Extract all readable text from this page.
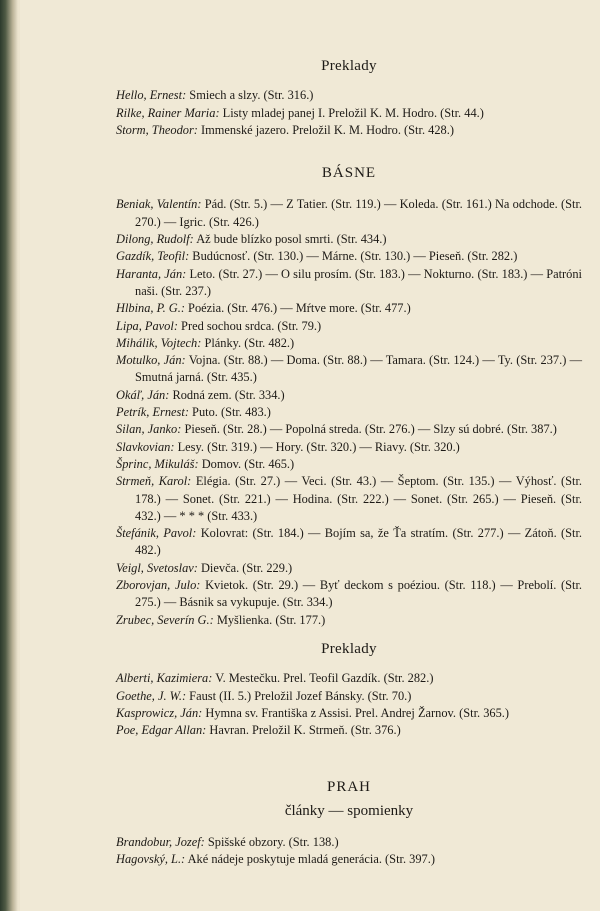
Preklady
Hello, Ernest: Smiech a slzy. (Str. 316.)
Rilke, Rainer Maria: Listy mladej panej I. Preložil K. M. Hodro. (Str. 44.)
Storm, Theodor: Immenské jazero. Preložil K. M. Hodro. (Str. 428.)
BÁSNE
Beniak, Valentín: Pád. (Str. 5.) — Z Tatier. (Str. 119.) — Koleda. (Str. 161.) Na odchode. (Str. 270.) — Igric. (Str. 426.)
Dilong, Rudolf: Až bude blízko posol smrti. (Str. 434.)
Gazdík, Teofil: Budúcnosť. (Str. 130.) — Márne. (Str. 130.) — Pieseň. (Str. 282.)
Haranta, Ján: Leto. (Str. 27.) — O silu prosím. (Str. 183.) — Nokturno. (Str. 183.) — Patróni naši. (Str. 237.)
Hlbina, P. G.: Poézia. (Str. 476.) — Mŕtve more. (Str. 477.)
Lipa, Pavol: Pred sochou srdca. (Str. 79.)
Mihálik, Vojtech: Plánky. (Str. 482.)
Motulko, Ján: Vojna. (Str. 88.) — Doma. (Str. 88.) — Tamara. (Str. 124.) — Ty. (Str. 237.) — Smutná jarná. (Str. 435.)
Okáľ, Ján: Rodná zem. (Str. 334.)
Petrík, Ernest: Puto. (Str. 483.)
Silan, Janko: Pieseň. (Str. 28.) — Popolná streda. (Str. 276.) — Slzy sú dobré. (Str. 387.)
Slavkovian: Lesy. (Str. 319.) — Hory. (Str. 320.) — Riavy. (Str. 320.)
Šprinc, Mikuláš: Domov. (Str. 465.)
Strmeň, Karol: Elégia. (Str. 27.) — Veci. (Str. 43.) — Šeptom. (Str. 135.) — Výhosť. (Str. 178.) — Sonet. (Str. 221.) — Hodina. (Str. 222.) — Sonet. (Str. 265.) — Pieseň. (Str. 432.) — * * * (Str. 433.)
Štefánik, Pavol: Kolovrat: (Str. 184.) — Bojím sa, že Ťa stratím. (Str. 277.) — Zátoň. (Str. 482.)
Veigl, Svetoslav: Dievča. (Str. 229.)
Zborovjan, Julo: Kvietok. (Str. 29.) — Byť deckom s poéziou. (Str. 118.) — Prebolí. (Str. 275.) — Básnik sa vykupuje. (Str. 334.)
Zrubec, Severín G.: Myšlienka. (Str. 177.)
Preklady
Alberti, Kazimiera: V. Mestečku. Prel. Teofil Gazdík. (Str. 282.)
Goethe, J. W.: Faust (II. 5.) Preložil Jozef Bánsky. (Str. 70.)
Kasprowicz, Ján: Hymna sv. Františka z Assisi. Prel. Andrej Žarnov. (Str. 365.)
Poe, Edgar Allan: Havran. Preložil K. Strmeň. (Str. 376.)
PRAH
články — spomienky
Brandobur, Jozef: Spišské obzory. (Str. 138.)
Hagovský, L.: Aké nádeje poskytuje mladá generácia. (Str. 397.)
